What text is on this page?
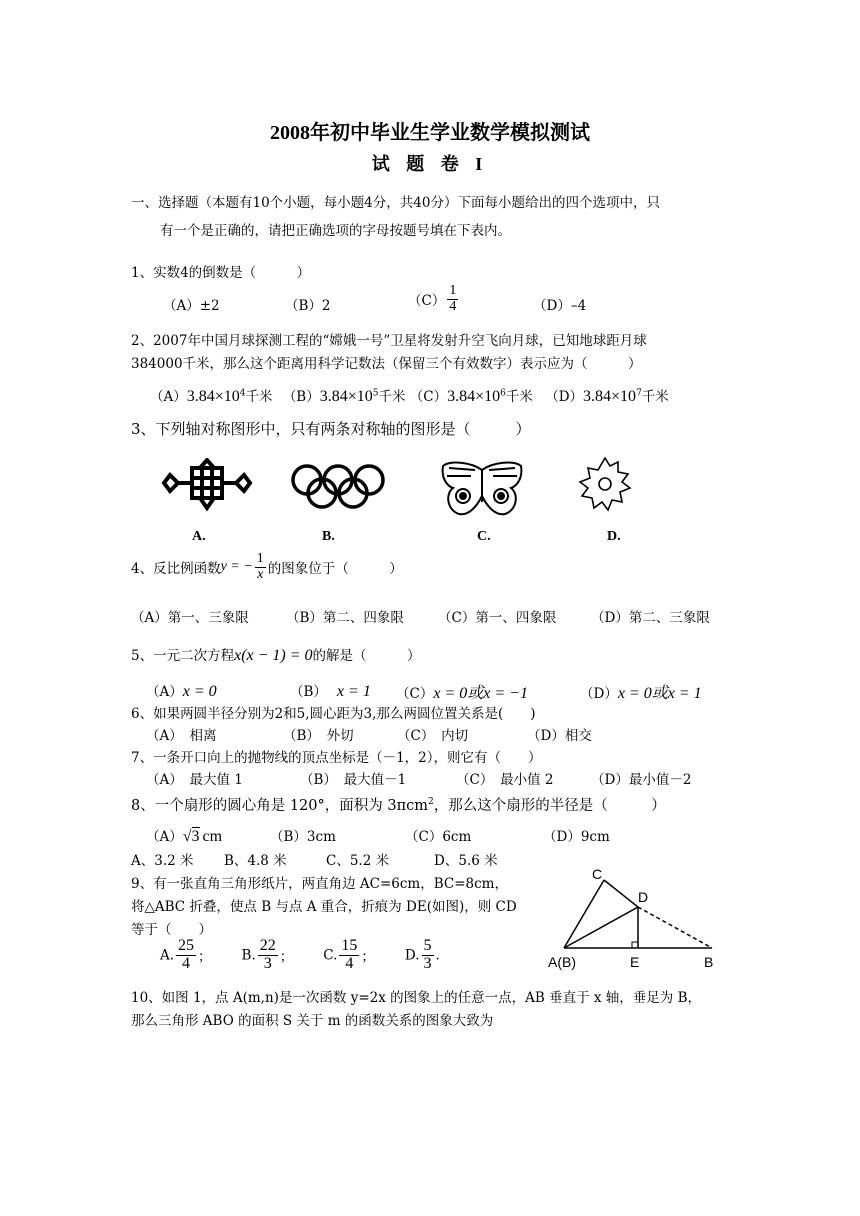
2008年初中毕业生学业数学模拟测试
试 题 卷 I
一、选择题（本题有10个小题，每小题4分，共40分）下面每小题给出的四个选项中，只
有一个是正确的，请把正确选项的字母按题号填在下表内。
1、实数4的倒数是（　　　）
（A）±2	（B）2	$(C) \frac{1}{4}$	（D）–4
2、2007年中国月球探测工程的“嫦娥一号”卫星将发射升空飞向月球，已知地球距月球
384000千米，那么这个距离用科学记数法（保留三个有效数字）表示应为（　　　）
$(A)3.84\times 10^4$千米 $(B)3.84\times 10^5$千米 $(C)3.84\times 10^6$千米 $(D)3.84\times 10^7$千米
3、下列轴对称图形中，只有两条对称轴的图形是（　　　）
A.	B.	C.	D.
4、反比例函数y = − $\frac{1}{x}$ 的图象位于（　　　）
（A）第一、三象限	（B）第二、四象限	（C）第一、四象限	（D）第二、三象限
5、一元二次方程x(x − 1) = 0的解是（　　　）
（A）x = 0	（B） x = 1 （C）x = 0或x = −1	（D）x = 0或x = 1
6、如果两圆半径分别为2和5,圆心距为3,那么两圆位置关系是(　　)
（A）　相离	（B）　外切	（C）　内切	（D）相交
7、一条开口向上的抛物线的顶点坐标是（－1，2），则它有（　　）
（A）　最大值 1	（B）　最大值－1	（C）　最小值 2	（D）最小值－2
8、一个扇形的圆心角是 120°，面积为 3πcm$^2$，那么这个扇形的半径是（　　　）
（A）√3 cm	（B）3cm	（C）6cm	（D）9cm
A、3.2 米 B、4.8 米	C、5.2 米	D、5.6 米
9、有一张直角三角形纸片，两直角边 AC=6cm，BC=8cm，
将△ABC 折叠，使点 B 与点 A 重合，折痕为 DE(如图)，则 CD
等于（　　）
A. $\frac{25}{4}$ ； B. $\frac{22}{3}$ ； C. $\frac{15}{4}$ ； D. $\frac{5}{3}$ .
C
D
A(B)	E	B
10、如图 1，点 A(m,n)是一次函数 y=2x 的图象上的任意一点，AB 垂直于 x 轴，垂足为 B，
那么三角形 ABO 的面积 S 关于 m 的函数关系的图象大致为
